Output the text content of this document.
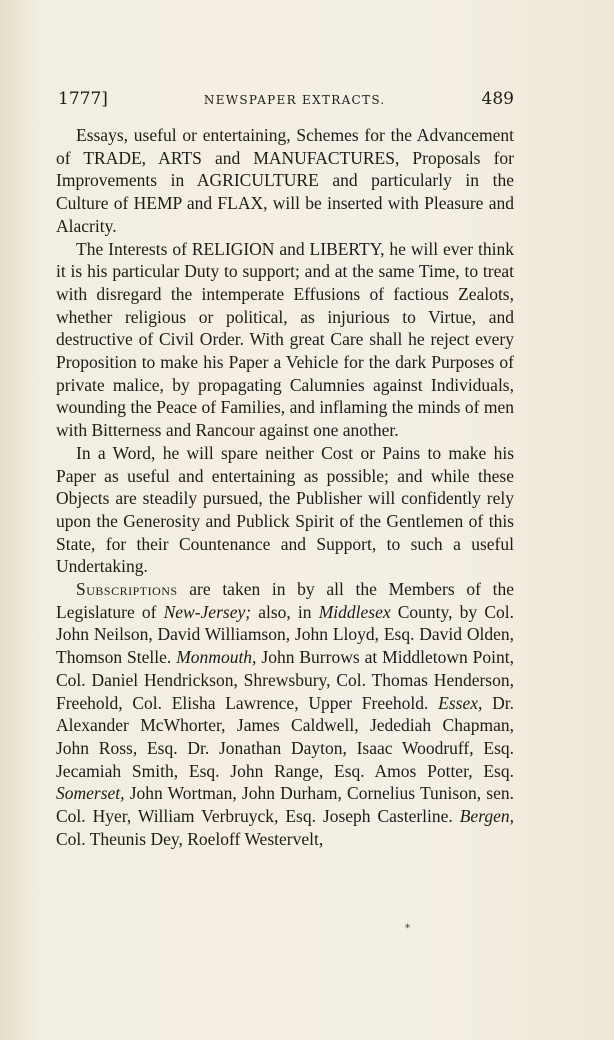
1777]	NEWSPAPER EXTRACTS.	489

Essays, useful or entertaining, Schemes for the Advancement of TRADE, ARTS and MANUFACTURES, Proposals for Improvements in AGRICULTURE and particularly in the Culture of HEMP and FLAX, will be inserted with Pleasure and Alacrity.

The Interests of RELIGION and LIBERTY, he will ever think it is his particular Duty to support; and at the same Time, to treat with disregard the intemperate Effusions of factious Zealots, whether religious or political, as injurious to Virtue, and destructive of Civil Order. With great Care shall he reject every Proposition to make his Paper a Vehicle for the dark Purposes of private malice, by propagating Calumnies against Individuals, wounding the Peace of Families, and inflaming the minds of men with Bitterness and Rancour against one another.

In a Word, he will spare neither Cost or Pains to make his Paper as useful and entertaining as possible; and while these Objects are steadily pursued, the Publisher will confidently rely upon the Generosity and Publick Spirit of the Gentlemen of this State, for their Countenance and Support, to such a useful Undertaking.

Subscriptions are taken in by all the Members of the Legislature of New-Jersey; also, in Middlesex County, by Col. John Neilson, David Williamson, John Lloyd, Esq. David Olden, Thomson Stelle. Monmouth, John Burrows at Middletown Point, Col. Daniel Hendrickson, Shrewsbury, Col. Thomas Henderson, Freehold, Col. Elisha Lawrence, Upper Freehold. Essex, Dr. Alexander McWhorter, James Caldwell, Jedediah Chapman, John Ross, Esq. Dr. Jonathan Dayton, Isaac Woodruff, Esq. Jecamiah Smith, Esq. John Range, Esq. Amos Potter, Esq. Somerset, John Wortman, John Durham, Cornelius Tunison, sen. Col. Hyer, William Verbruyck, Esq. Joseph Casterline. Bergen, Col. Theunis Dey, Roeloff Westervelt,

*
